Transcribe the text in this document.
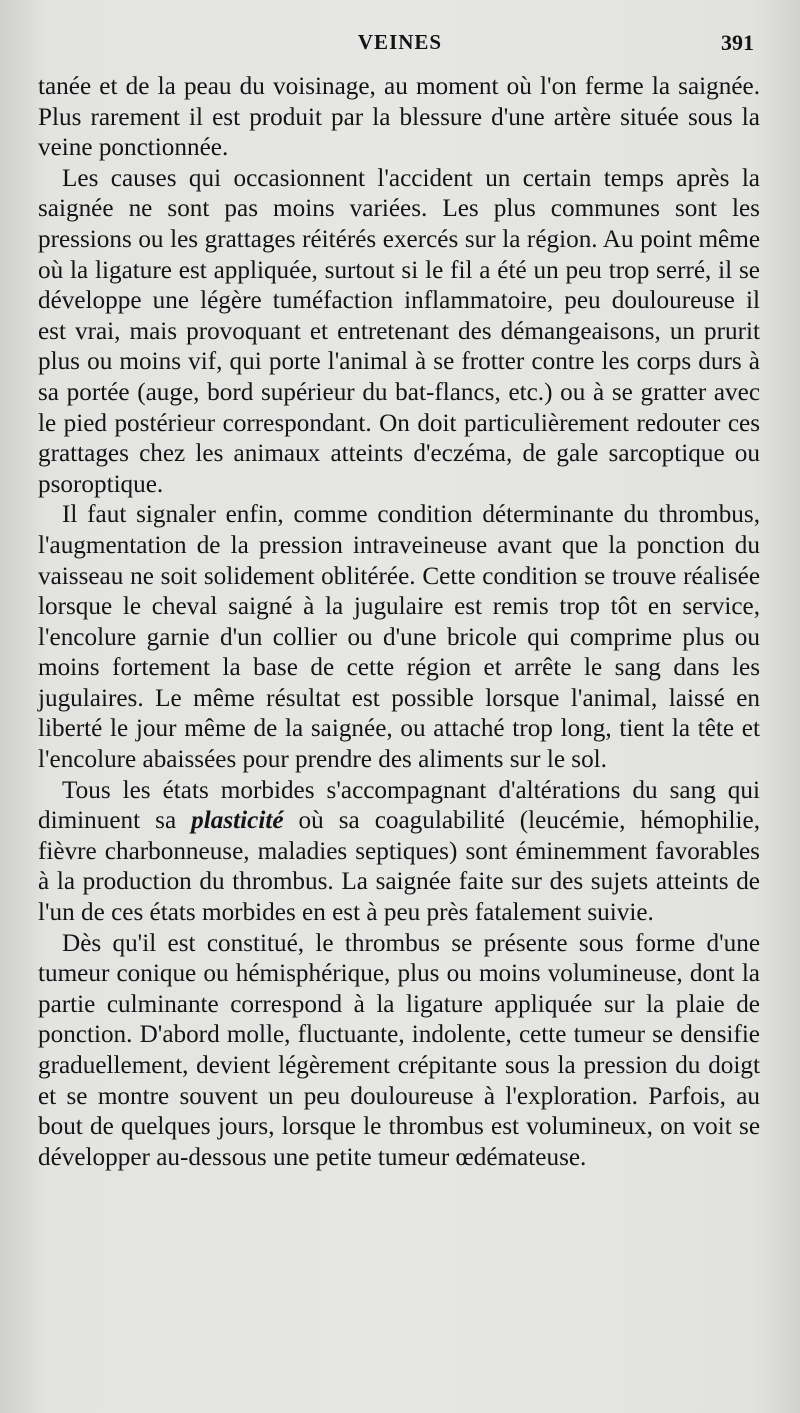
VEINES	391

tanée et de la peau du voisinage, au moment où l'on ferme la saignée. Plus rarement il est produit par la blessure d'une artère située sous la veine ponctionnée.

Les causes qui occasionnent l'accident un certain temps après la saignée ne sont pas moins variées. Les plus communes sont les pressions ou les grattages réitérés exercés sur la région. Au point même où la ligature est appliquée, surtout si le fil a été un peu trop serré, il se développe une légère tuméfaction inflammatoire, peu douloureuse il est vrai, mais provoquant et entretenant des démangeaisons, un prurit plus ou moins vif, qui porte l'animal à se frotter contre les corps durs à sa portée (auge, bord supérieur du bat-flancs, etc.) ou à se gratter avec le pied postérieur correspondant. On doit particulièrement redouter ces grattages chez les animaux atteints d'eczéma, de gale sarcoptique ou psoroptique.

Il faut signaler enfin, comme condition déterminante du thrombus, l'augmentation de la pression intraveineuse avant que la ponction du vaisseau ne soit solidement oblitérée. Cette condition se trouve réalisée lorsque le cheval saigné à la jugulaire est remis trop tôt en service, l'encolure garnie d'un collier ou d'une bricole qui comprime plus ou moins fortement la base de cette région et arrête le sang dans les jugulaires. Le même résultat est possible lorsque l'animal, laissé en liberté le jour même de la saignée, ou attaché trop long, tient la tête et l'encolure abaissées pour prendre des aliments sur le sol.

Tous les états morbides s'accompagnant d'altérations du sang qui diminuent sa plasticité où sa coagulabilité (leucémie, hémophilie, fièvre charbonneuse, maladies septiques) sont éminemment favorables à la production du thrombus. La saignée faite sur des sujets atteints de l'un de ces états morbides en est à peu près fatalement suivie.

Dès qu'il est constitué, le thrombus se présente sous forme d'une tumeur conique ou hémisphérique, plus ou moins volumineuse, dont la partie culminante correspond à la ligature appliquée sur la plaie de ponction. D'abord molle, fluctuante, indolente, cette tumeur se densifie graduellement, devient légèrement crépitante sous la pression du doigt et se montre souvent un peu douloureuse à l'exploration. Parfois, au bout de quelques jours, lorsque le thrombus est volumineux, on voit se développer au-dessous une petite tumeur œdémateuse.
